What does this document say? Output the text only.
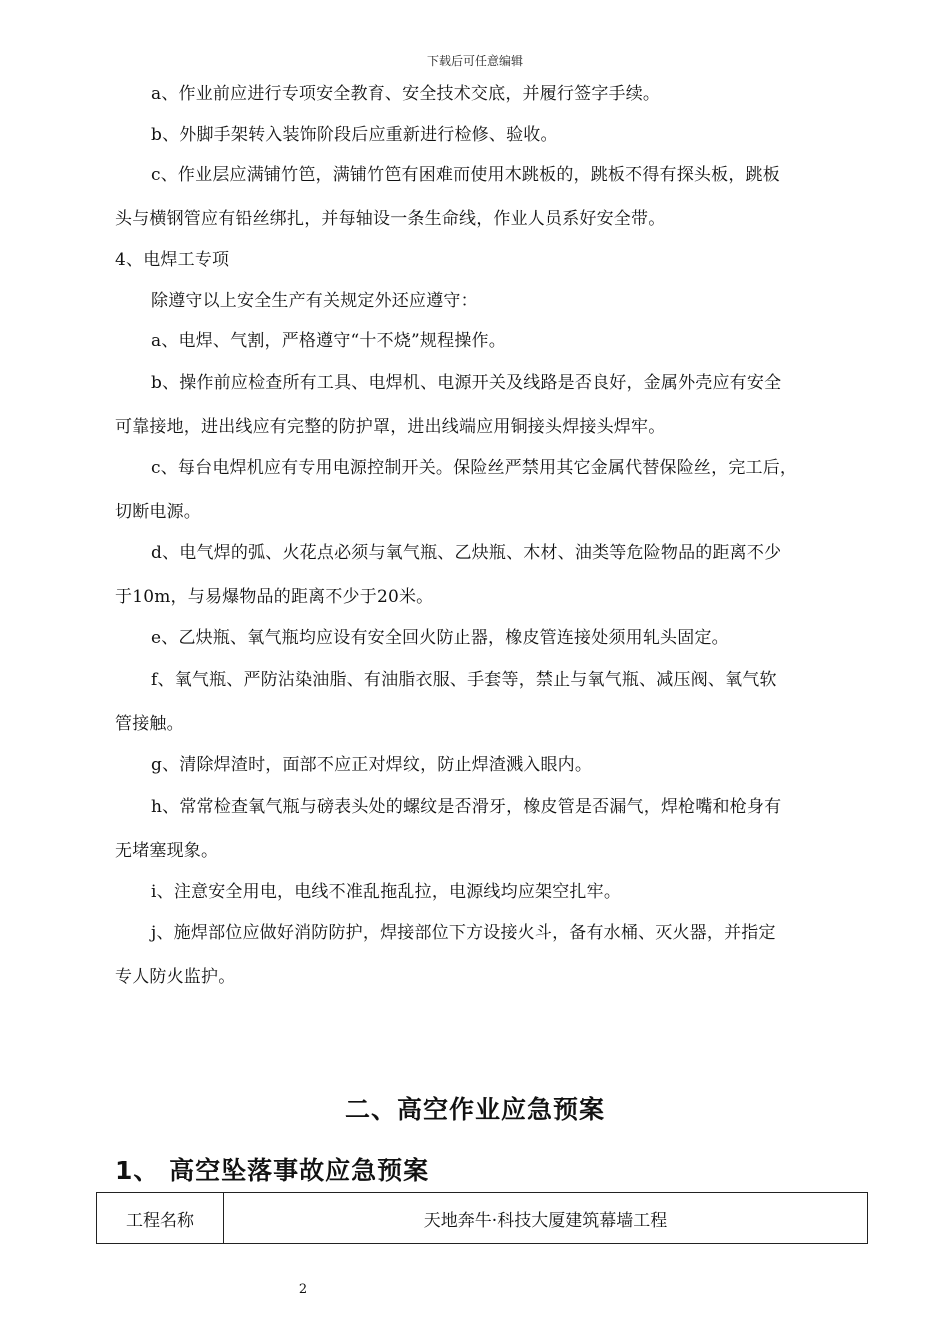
下载后可任意编辑
a、作业前应进行专项安全教育、安全技术交底，并履行签字手续。
b、外脚手架转入装饰阶段后应重新进行检修、验收。
c、作业层应满铺竹笆，满铺竹笆有困难而使用木跳板的，跳板不得有探头板，跳板
头与横钢管应有铅丝绑扎，并每轴设一条生命线，作业人员系好安全带。
4、电焊工专项
除遵守以上安全生产有关规定外还应遵守：
a、电焊、气割，严格遵守“十不烧”规程操作。
b、操作前应检查所有工具、电焊机、电源开关及线路是否良好，金属外壳应有安全
可靠接地，进出线应有完整的防护罩，进出线端应用铜接头焊接头焊牢。
c、每台电焊机应有专用电源控制开关。保险丝严禁用其它金属代替保险丝，完工后，
切断电源。
d、电气焊的弧、火花点必须与氧气瓶、乙炔瓶、木材、油类等危险物品的距离不少
于10m，与易爆物品的距离不少于20米。
e、乙炔瓶、氧气瓶均应设有安全回火防止器，橡皮管连接处须用轧头固定。
f、氧气瓶、严防沾染油脂、有油脂衣服、手套等，禁止与氧气瓶、减压阀、氧气软
管接触。
g、清除焊渣时，面部不应正对焊纹，防止焊渣溅入眼内。
h、常常检查氧气瓶与磅表头处的螺纹是否滑牙，橡皮管是否漏气，焊枪嘴和枪身有
无堵塞现象。
i、注意安全用电，电线不准乱拖乱拉，电源线均应架空扎牢。
j、施焊部位应做好消防防护，焊接部位下方设接火斗，备有水桶、灭火器，并指定
专人防火监护。
二、高空作业应急预案
1、 高空坠落事故应急预案
工程名称	天地奔牛·科技大厦建筑幕墙工程
2
